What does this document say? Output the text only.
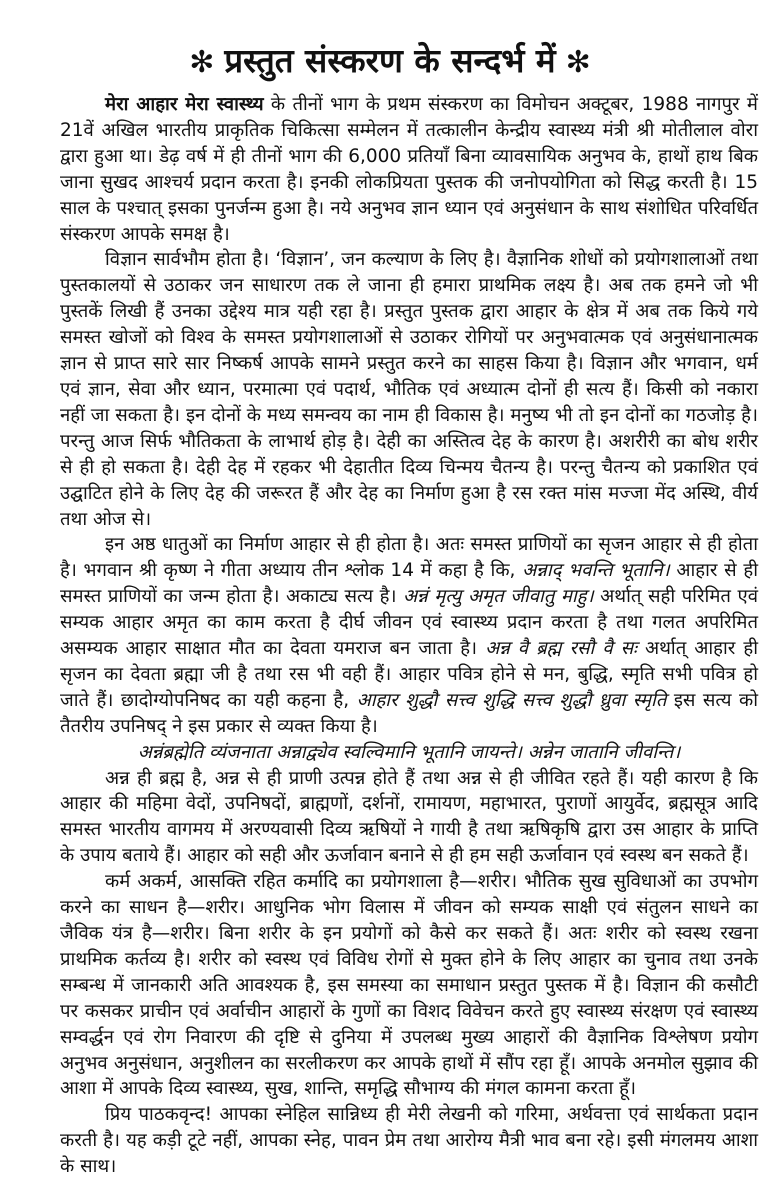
✻ प्रस्तुत संस्करण के सन्दर्भ में ✻

मेरा आहार मेरा स्वास्थ्य के तीनों भाग के प्रथम संस्करण का विमोचन अक्टूबर, 1988 नागपुर में 21वें अखिल भारतीय प्राकृतिक चिकित्सा सम्मेलन में तत्कालीन केन्द्रीय स्वास्थ्य मंत्री श्री मोतीलाल वोरा द्वारा हुआ था। डेढ़ वर्ष में ही तीनों भाग की 6,000 प्रतियाँ बिना व्यावसायिक अनुभव के, हाथों हाथ बिक जाना सुखद आश्चर्य प्रदान करता है। इनकी लोकप्रियता पुस्तक की जनोपयोगिता को सिद्ध करती है। 15 साल के पश्चात् इसका पुनर्जन्म हुआ है। नये अनुभव ज्ञान ध्यान एवं अनुसंधान के साथ संशोधित परिवर्धित संस्करण आपके समक्ष है।

विज्ञान सार्वभौम होता है। ‘विज्ञान’, जन कल्याण के लिए है। वैज्ञानिक शोधों को प्रयोगशालाओं तथा पुस्तकालयों से उठाकर जन साधारण तक ले जाना ही हमारा प्राथमिक लक्ष्य है। अब तक हमने जो भी पुस्तकें लिखी हैं उनका उद्देश्य मात्र यही रहा है। प्रस्तुत पुस्तक द्वारा आहार के क्षेत्र में अब तक किये गये समस्त खोजों को विश्व के समस्त प्रयोगशालाओं से उठाकर रोगियों पर अनुभवात्मक एवं अनुसंधानात्मक ज्ञान से प्राप्त सारे सार निष्कर्ष आपके सामने प्रस्तुत करने का साहस किया है। विज्ञान और भगवान, धर्म एवं ज्ञान, सेवा और ध्यान, परमात्मा एवं पदार्थ, भौतिक एवं अध्यात्म दोनों ही सत्य हैं। किसी को नकारा नहीं जा सकता है। इन दोनों के मध्य समन्वय का नाम ही विकास है। मनुष्य भी तो इन दोनों का गठजोड़ है। परन्तु आज सिर्फ भौतिकता के लाभार्थ होड़ है। देही का अस्तित्व देह के कारण है। अशरीरी का बोध शरीर से ही हो सकता है। देही देह में रहकर भी देहातीत दिव्य चिन्मय चैतन्य है। परन्तु चैतन्य को प्रकाशित एवं उद्घाटित होने के लिए देह की जरूरत हैं और देह का निर्माण हुआ है रस रक्त मांस मज्जा मेंद अस्थि, वीर्य तथा ओज से।

इन अष्ठ धातुओं का निर्माण आहार से ही होता है। अतः समस्त प्राणियों का सृजन आहार से ही होता है। भगवान श्री कृष्ण ने गीता अध्याय तीन श्लोक 14 में कहा है कि, अन्नाद् भवन्ति भूतानि। आहार से ही समस्त प्राणियों का जन्म होता है। अकाट्य सत्य है। अन्नं मृत्यु अमृत जीवातु माहु। अर्थात् सही परिमित एवं सम्यक आहार अमृत का काम करता है दीर्घ जीवन एवं स्वास्थ्य प्रदान करता है तथा गलत अपरिमित असम्यक आहार साक्षात मौत का देवता यमराज बन जाता है। अन्न वै ब्रह्म रसौ वै सः अर्थात् आहार ही सृजन का देवता ब्रह्मा जी है तथा रस भी वही हैं। आहार पवित्र होने से मन, बुद्धि, स्मृति सभी पवित्र हो जाते हैं। छादोग्योपनिषद का यही कहना है, आहार शुद्धौ सत्त्व शुद्धि सत्त्व शुद्धौ ध्रुवा स्मृति इस सत्य को तैतरीय उपनिषद् ने इस प्रकार से व्यक्त किया है।

अन्नंब्रह्मेति व्यंजनाता अन्नाद्व्येव स्वल्विमानि भूतानि जायन्ते। अन्नेन जातानि जीवन्ति।

अन्न ही ब्रह्म है, अन्न से ही प्राणी उत्पन्न होते हैं तथा अन्न से ही जीवित रहते हैं। यही कारण है कि आहार की महिमा वेदों, उपनिषदों, ब्राह्मणों, दर्शनों, रामायण, महाभारत, पुराणों आयुर्वेद, ब्रह्मसूत्र आदि समस्त भारतीय वागमय में अरण्यवासी दिव्य ऋषियों ने गायी है तथा ऋषिकृषि द्वारा उस आहार के प्राप्ति के उपाय बताये हैं। आहार को सही और ऊर्जावान बनाने से ही हम सही ऊर्जावान एवं स्वस्थ बन सकते हैं।

कर्म अकर्म, आसक्ति रहित कर्मादि का प्रयोगशाला है—शरीर। भौतिक सुख सुविधाओं का उपभोग करने का साधन है—शरीर। आधुनिक भोग विलास में जीवन को सम्यक साक्षी एवं संतुलन साधने का जैविक यंत्र है—शरीर। बिना शरीर के इन प्रयोगों को कैसे कर सकते हैं। अतः शरीर को स्वस्थ रखना प्राथमिक कर्तव्य है। शरीर को स्वस्थ एवं विविध रोगों से मुक्त होने के लिए आहार का चुनाव तथा उनके सम्बन्ध में जानकारी अति आवश्यक है, इस समस्या का समाधान प्रस्तुत पुस्तक में है। विज्ञान की कसौटी पर कसकर प्राचीन एवं अर्वाचीन आहारों के गुणों का विशद विवेचन करते हुए स्वास्थ्य संरक्षण एवं स्वास्थ्य सम्वर्द्धन एवं रोग निवारण की दृष्टि से दुनिया में उपलब्ध मुख्य आहारों की वैज्ञानिक विश्लेषण प्रयोग अनुभव अनुसंधान, अनुशीलन का सरलीकरण कर आपके हाथों में सौंप रहा हूँ। आपके अनमोल सुझाव की आशा में आपके दिव्य स्वास्थ्य, सुख, शान्ति, समृद्धि सौभाग्य की मंगल कामना करता हूँ।

प्रिय पाठकवृन्द! आपका स्नेहिल सान्निध्य ही मेरी लेखनी को गरिमा, अर्थवत्ता एवं सार्थकता प्रदान करती है। यह कड़ी टूटे नहीं, आपका स्नेह, पावन प्रेम तथा आरोग्य मैत्री भाव बना रहे। इसी मंगलमय आशा के साथ।
